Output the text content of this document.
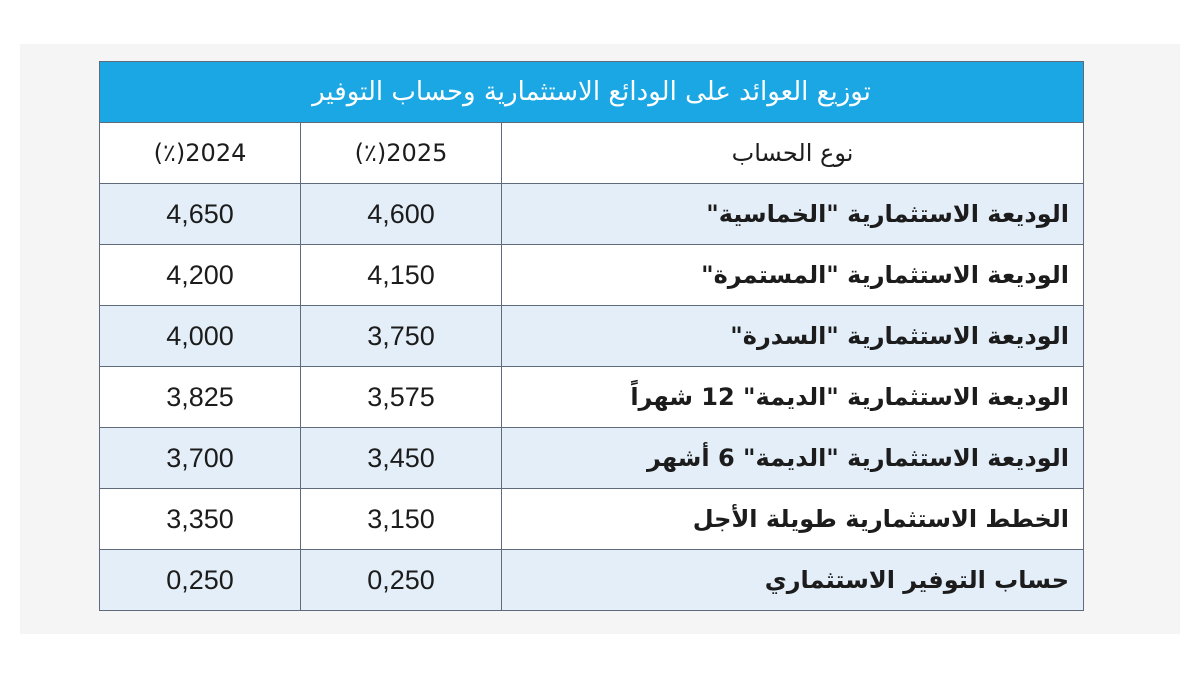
توزيع العوائد على الودائع الاستثمارية وحساب التوفير		
نوع الحساب	2025(٪)	2024(٪)
الوديعة الاستثمارية "الخماسية"	4,600	4,650
الوديعة الاستثمارية "المستمرة"	4,150	4,200
الوديعة الاستثمارية "السدرة"	3,750	4,000
الوديعة الاستثمارية "الديمة" 12 شهراً	3,575	3,825
الوديعة الاستثمارية "الديمة" 6 أشهر	3,450	3,700
الخطط الاستثمارية طويلة الأجل	3,150	3,350
حساب التوفير الاستثماري	0,250	0,250
